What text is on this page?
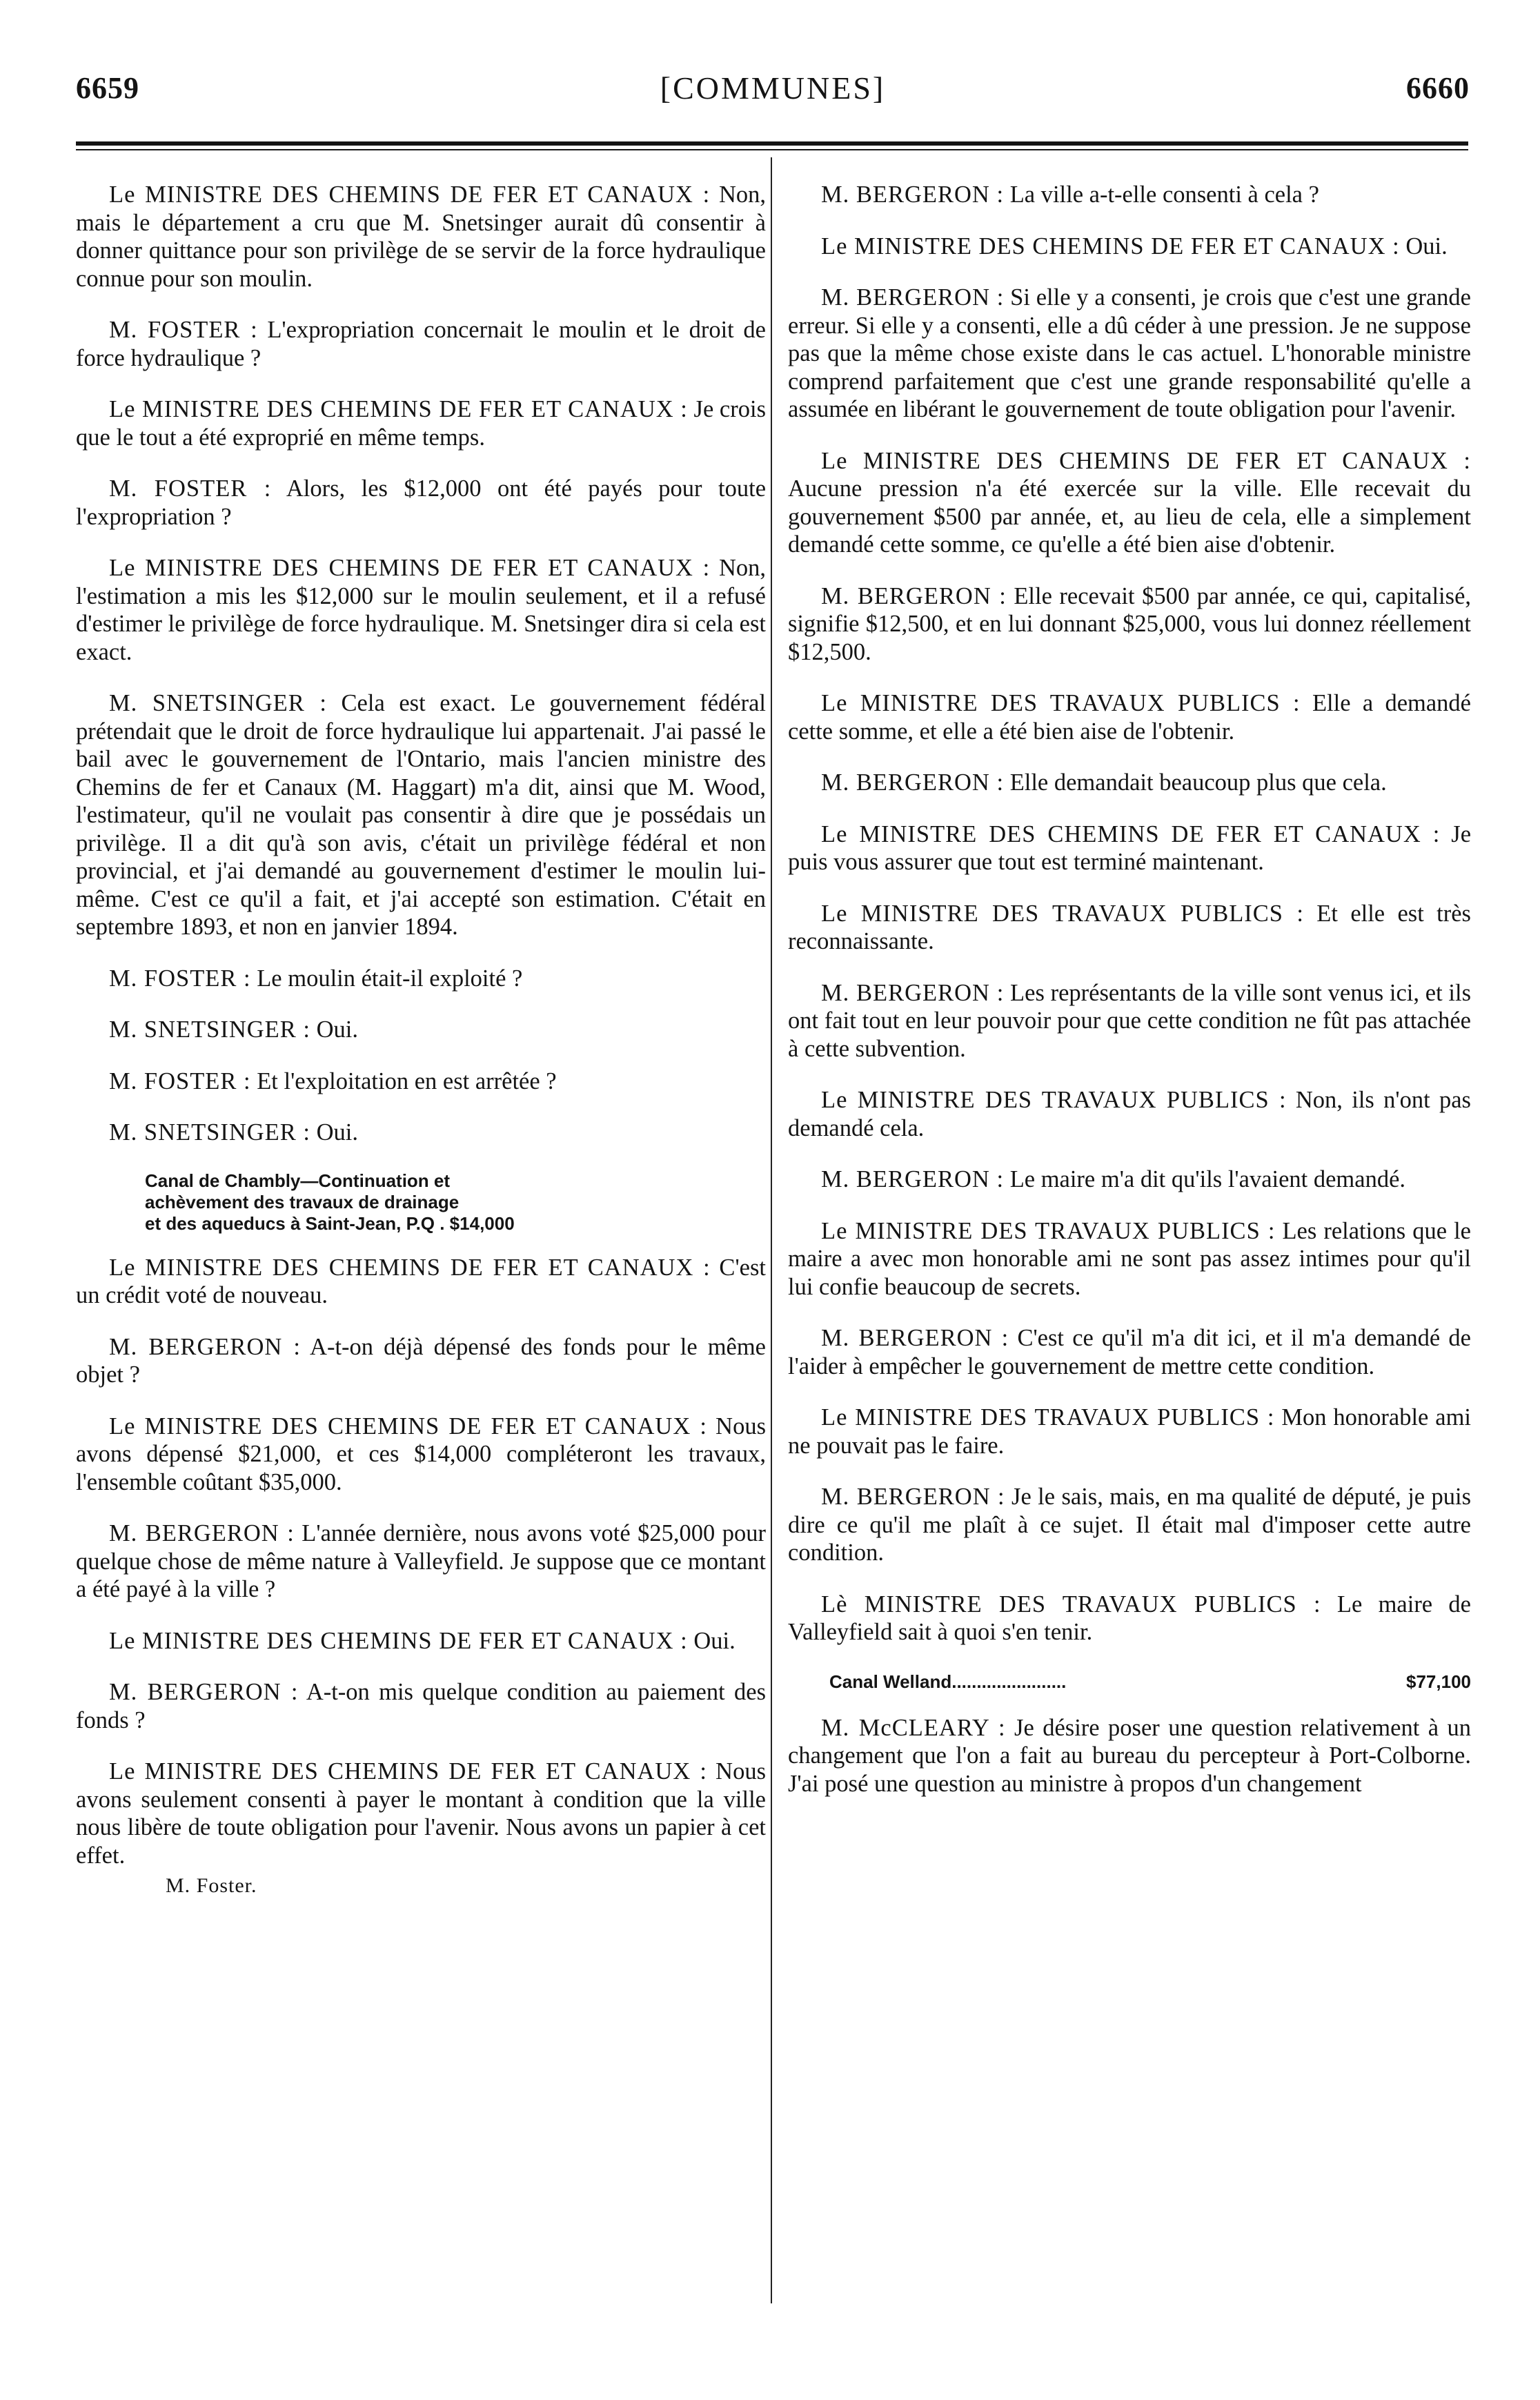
6659	[COMMUNES]	6660

Le MINISTRE DES CHEMINS DE FER ET CANAUX : Non, mais le département a cru que M. Snetsinger aurait dû consentir à donner quittance pour son privilège de se servir de la force hydraulique connue pour son moulin.

M. FOSTER : L'expropriation concernait le moulin et le droit de force hydraulique ?

Le MINISTRE DES CHEMINS DE FER ET CANAUX : Je crois que le tout a été exproprié en même temps.

M. FOSTER : Alors, les $12,000 ont été payés pour toute l'expropriation ?

Le MINISTRE DES CHEMINS DE FER ET CANAUX : Non, l'estimation a mis les $12,000 sur le moulin seulement, et il a refusé d'estimer le privilège de force hydraulique. M. Snetsinger dira si cela est exact.

M. SNETSINGER : Cela est exact. Le gouvernement fédéral prétendait que le droit de force hydraulique lui appartenait. J'ai passé le bail avec le gouvernement de l'Ontario, mais l'ancien ministre des Chemins de fer et Canaux (M. Haggart) m'a dit, ainsi que M. Wood, l'estimateur, qu'il ne voulait pas consentir à dire que je possédais un privilège. Il a dit qu'à son avis, c'était un privilège fédéral et non provincial, et j'ai demandé au gouvernement d'estimer le moulin lui-même. C'est ce qu'il a fait, et j'ai accepté son estimation. C'était en septembre 1893, et non en janvier 1894.

M. FOSTER : Le moulin était-il exploité ?

M. SNETSINGER : Oui.

M. FOSTER : Et l'exploitation en est arrêtée ?

M. SNETSINGER : Oui.

Canal de Chambly—Continuation et
achèvement des travaux de drainage
et des aqueducs à Saint-Jean, P.Q . $14,000

Le MINISTRE DES CHEMINS DE FER ET CANAUX : C'est un crédit voté de nouveau.

M. BERGERON : A-t-on déjà dépensé des fonds pour le même objet ?

Le MINISTRE DES CHEMINS DE FER ET CANAUX : Nous avons dépensé $21,000, et ces $14,000 compléteront les travaux, l'ensemble coûtant $35,000.

M. BERGERON : L'année dernière, nous avons voté $25,000 pour quelque chose de même nature à Valleyfield. Je suppose que ce montant a été payé à la ville ?

Le MINISTRE DES CHEMINS DE FER ET CANAUX : Oui.

M. BERGERON : A-t-on mis quelque condition au paiement des fonds ?

Le MINISTRE DES CHEMINS DE FER ET CANAUX : Nous avons seulement consenti à payer le montant à condition que la ville nous libère de toute obligation pour l'avenir. Nous avons un papier à cet effet.

M. Foster.

M. BERGERON : La ville a-t-elle consenti à cela ?

Le MINISTRE DES CHEMINS DE FER ET CANAUX : Oui.

M. BERGERON : Si elle y a consenti, je crois que c'est une grande erreur. Si elle y a consenti, elle a dû céder à une pression. Je ne suppose pas que la même chose existe dans le cas actuel. L'honorable ministre comprend parfaitement que c'est une grande responsabilité qu'elle a assumée en libérant le gouvernement de toute obligation pour l'avenir.

Le MINISTRE DES CHEMINS DE FER ET CANAUX : Aucune pression n'a été exercée sur la ville. Elle recevait du gouvernement $500 par année, et, au lieu de cela, elle a simplement demandé cette somme, ce qu'elle a été bien aise d'obtenir.

M. BERGERON : Elle recevait $500 par année, ce qui, capitalisé, signifie $12,500, et en lui donnant $25,000, vous lui donnez réellement $12,500.

Le MINISTRE DES TRAVAUX PUBLICS : Elle a demandé cette somme, et elle a été bien aise de l'obtenir.

M. BERGERON : Elle demandait beaucoup plus que cela.

Le MINISTRE DES CHEMINS DE FER ET CANAUX : Je puis vous assurer que tout est terminé maintenant.

Le MINISTRE DES TRAVAUX PUBLICS : Et elle est très reconnaissante.

M. BERGERON : Les représentants de la ville sont venus ici, et ils ont fait tout en leur pouvoir pour que cette condition ne fût pas attachée à cette subvention.

Le MINISTRE DES TRAVAUX PUBLICS : Non, ils n'ont pas demandé cela.

M. BERGERON : Le maire m'a dit qu'ils l'avaient demandé.

Le MINISTRE DES TRAVAUX PUBLICS : Les relations que le maire a avec mon honorable ami ne sont pas assez intimes pour qu'il lui confie beaucoup de secrets.

M. BERGERON : C'est ce qu'il m'a dit ici, et il m'a demandé de l'aider à empêcher le gouvernement de mettre cette condition.

Le MINISTRE DES TRAVAUX PUBLICS : Mon honorable ami ne pouvait pas le faire.

M. BERGERON : Je le sais, mais, en ma qualité de député, je puis dire ce qu'il me plaît à ce sujet. Il était mal d'imposer cette autre condition.

Lè MINISTRE DES TRAVAUX PUBLICS : Le maire de Valleyfield sait à quoi s'en tenir.

Canal Welland.......................	$77,100

M. McCLEARY : Je désire poser une question relativement à un changement que l'on a fait au bureau du percepteur à Port-Colborne. J'ai posé une question au ministre à propos d'un changement
